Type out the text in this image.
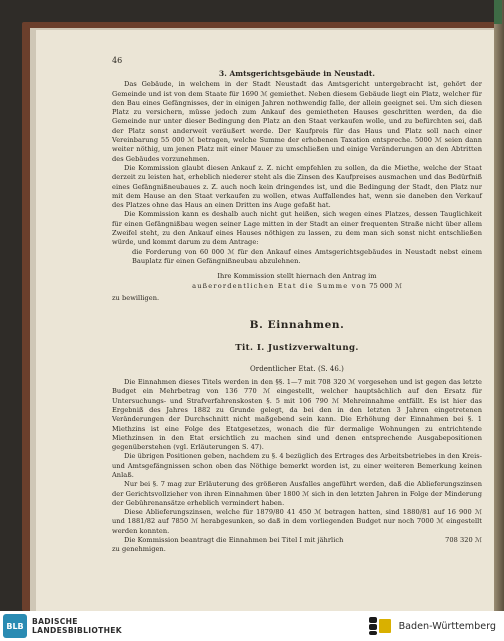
46
3. Amtsgerichtsgebäude in Neustadt.

Das Gebäude, in welchem in der Stadt Neustadt das Amtsgericht untergebracht ist, gehört der Gemeinde und ist von dem Staate für 1690 ℳ gemiethet. Neben diesem Gebäude liegt ein Platz, welcher für den Bau eines Gefängnisses, der in einigen Jahren nothwendig falle, der allein geeignet sei. Um sich diesen Platz zu versichern, müsse jedoch zum Ankauf des gemietheten Hauses geschritten werden, da die Gemeinde nur unter dieser Bedingung den Platz an den Staat verkaufen wolle, und zu befürchten sei, daß der Platz sonst anderweit veräußert werde. Der Kaufpreis für das Haus und Platz soll nach einer Vereinbarung 55 000 ℳ betragen, welche Summe der erhobenen Taxation entspreche. 5000 ℳ seien dann weiter nöthig, um jenen Platz mit einer Mauer zu umschließen und einige Veränderungen an den Abtritten des Gebäudes vorzunehmen.

Die Kommission glaubt diesen Ankauf z. Z. nicht empfehlen zu sollen, da die Miethe, welche der Staat derzeit zu leisten hat, erheblich niederer steht als die Zinsen des Kaufpreises ausmachen und das Bedürfniß eines Gefängnißneubaues z. Z. auch noch kein dringendes ist, und die Bedingung der Stadt, den Platz nur mit dem Hause an den Staat verkaufen zu wollen, etwas Auffallendes hat, wenn sie daneben den Verkauf des Platzes ohne das Haus an einen Dritten ins Auge gefaßt hat.

Die Kommission kann es deshalb auch nicht gut heißen, sich wegen eines Platzes, dessen Tauglichkeit für einen Gefängnißbau wegen seiner Lage mitten in der Stadt an einer frequenten Straße nicht über allem Zweifel steht, zu den Ankauf eines Hauses nöthigen zu lassen, zu dem man sich sonst nicht entschließen würde, und kommt darum zu dem Antrage:

die Forderung von 60 000 ℳ für den Ankauf eines Amtsgerichtsgebäudes in Neustadt nebst einem Bauplatz für einen Gefängnißneubau abzulehnen.

Ihre Kommission stellt hiernach den Antrag im

außerordentlichen Etat die Summe von 75 000 ℳ

zu bewilligen.

B. Einnahmen.
Tit. I. Justizverwaltung.
Ordentlicher Etat. (S. 46.)

Die Einnahmen dieses Titels werden in den §§. 1—7 mit 708 320 ℳ vorgesehen und ist gegen das letzte Budget ein Mehrbetrag von 136 770 ℳ eingestellt, welcher hauptsächlich auf den Ersatz für Untersuchungs- und Strafverfahrenskosten §. 5 mit 106 790 ℳ Mehreinnahme entfällt. Es ist hier das Ergebniß des Jahres 1882 zu Grunde gelegt, da bei den in den letzten 3 Jahren eingetretenen Veränderungen der Durchschnitt nicht maßgebend sein kann. Die Erhöhung der Einnahmen bei §. 1 Miethzins ist eine Folge des Etatgesetzes, wonach die für dermalige Wohnungen zu entrichtende Miethzinsen in den Etat ersichtlich zu machen sind und denen entsprechende Ausgabepositionen gegenüberstehen (vgl. Erläuterungen S. 47).

Die übrigen Positionen geben, nachdem zu §. 4 bezüglich des Ertrages des Arbeitsbetriebes in den Kreis- und Amtsgefängnissen schon oben das Nöthige bemerkt worden ist, zu einer weiteren Bemerkung keinen Anlaß.

Nur bei §. 7 mag zur Erläuterung des größeren Ausfalles angeführt werden, daß die Ablieferungszinsen der Gerichtsvollzieher von ihren Einnahmen über 1800 ℳ sich in den letzten Jahren in Folge der Minderung der Gebührenansätze erheblich vermindert haben.

Diese Ablieferungszinsen, welche für 1879/80 41 450 ℳ betragen hatten, sind 1880/81 auf 16 900 ℳ und 1881/82 auf 7850 ℳ herabgesunken, so daß in dem vorliegenden Budget nur noch 7000 ℳ eingestellt werden konnten.

Die Kommission beantragt die Einnahmen bei Titel I mit jährlich	708 320 ℳ

zu genehmigen.

BLB	BADISCHE
LANDESBIBLIOTHEK	Baden-Württemberg
